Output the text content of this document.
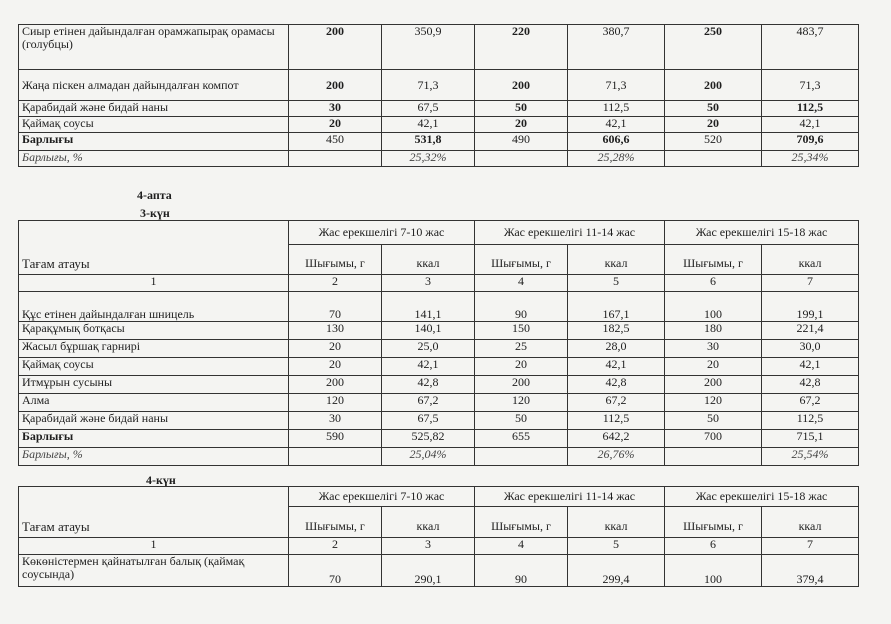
Сиыр етінен дайындалған орамжапырақ орамасы (голубцы)	200	350,9	220	380,7	250	483,7
Жаңа піскен алмадан дайындалған компот	200	71,3	200	71,3	200	71,3
Қарабидай және бидай наны	30	67,5	50	112,5	50	112,5
Қаймақ соусы	20	42,1	20	42,1	20	42,1
Барлығы	450	531,8	490	606,6	520	709,6
Барлығы, %		25,32%		25,28%		25,34%
4-апта
3-күн
Тағам атауы	Жас ерекшелігі 7-10 жас		Жас ерекшелігі 11-14 жас		Жас ерекшелігі 15-18 жас	
	Шығымы, г	ккал	Шығымы, г	ккал	Шығымы, г	ккал
1	2	3	4	5	6	7
Құс етінен дайындалған шницель	70	141,1	90	167,1	100	199,1
Қарақұмық ботқасы	130	140,1	150	182,5	180	221,4
Жасыл бұршақ гарнирі	20	25,0	25	28,0	30	30,0
Қаймақ соусы	20	42,1	20	42,1	20	42,1
Итмұрын сусыны	200	42,8	200	42,8	200	42,8
Алма	120	67,2	120	67,2	120	67,2
Қарабидай және бидай наны	30	67,5	50	112,5	50	112,5
Барлығы	590	525,82	655	642,2	700	715,1
Барлығы, %		25,04%		26,76%		25,54%
4-күн
Тағам атауы	Жас ерекшелігі 7-10 жас		Жас ерекшелігі 11-14 жас		Жас ерекшелігі 15-18 жас	
	Шығымы, г	ккал	Шығымы, г	ккал	Шығымы, г	ккал
1	2	3	4	5	6	7
Көкөністермен қайнатылған балық (қаймақ соусында)	70	290,1	90	299,4	100	379,4
